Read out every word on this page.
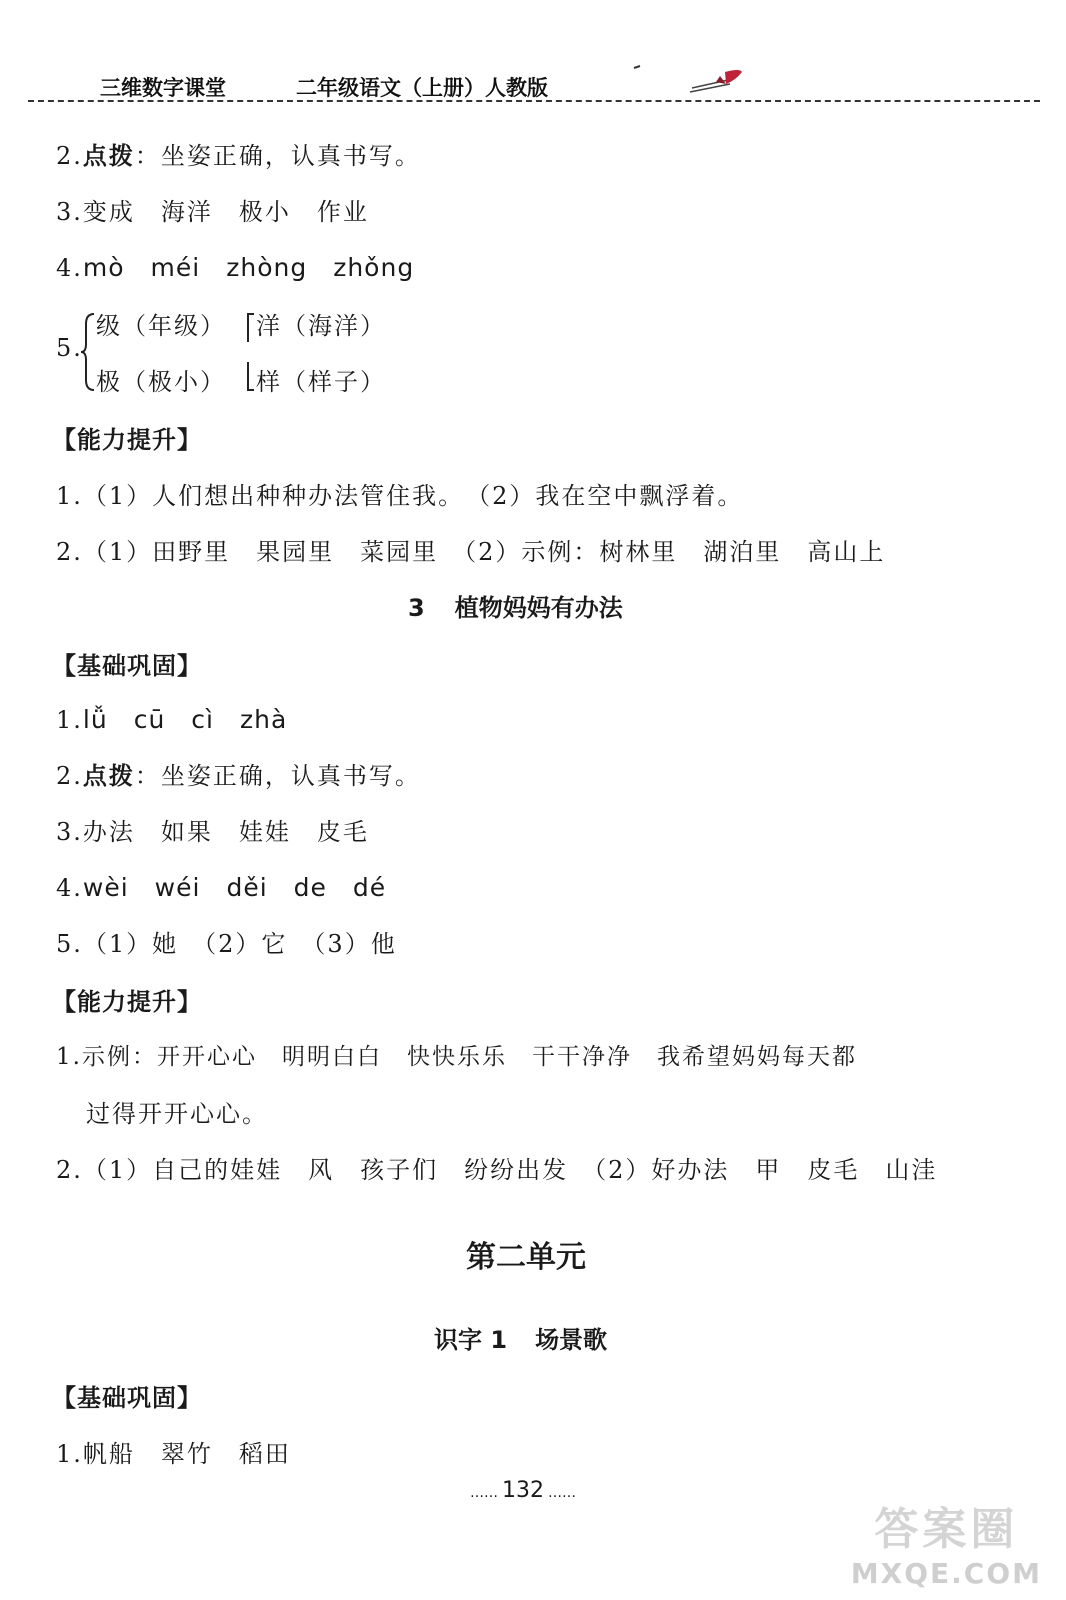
三维数字课堂	二年级语文（上册）人教版
2.点拨：坐姿正确，认真书写。
3.变成　海洋　极小　作业
4.mò　méi　zhòng　zhǒng
5.
级（年级）
极（极小）
洋（海洋）
样（样子）
【能力提升】
1.（1）人们想出种种办法管住我。　（2）我在空中飘浮着。
2.（1）田野里　果园里　菜园里　（2）示例：树林里　湖泊里　高山上
3 植物妈妈有办法
【基础巩固】
1.lǚ　cū　cì　zhà
2.点拨：坐姿正确，认真书写。
3.办法　如果　娃娃　皮毛
4.wèi　wéi　děi　de　dé
5.（1）她　（2）它　（3）他
【能力提升】
1.示例：开开心心　明明白白　快快乐乐　干干净净　我希望妈妈每天都
过得开开心心。
2.（1）自己的娃娃　风　孩子们　纷纷出发　（2）好办法　甲　皮毛　山洼
第二单元
识字 1 场景歌
【基础巩固】
1.帆船　翠竹　稻田
…… 132 ……
答案圈
MXQE.COM
